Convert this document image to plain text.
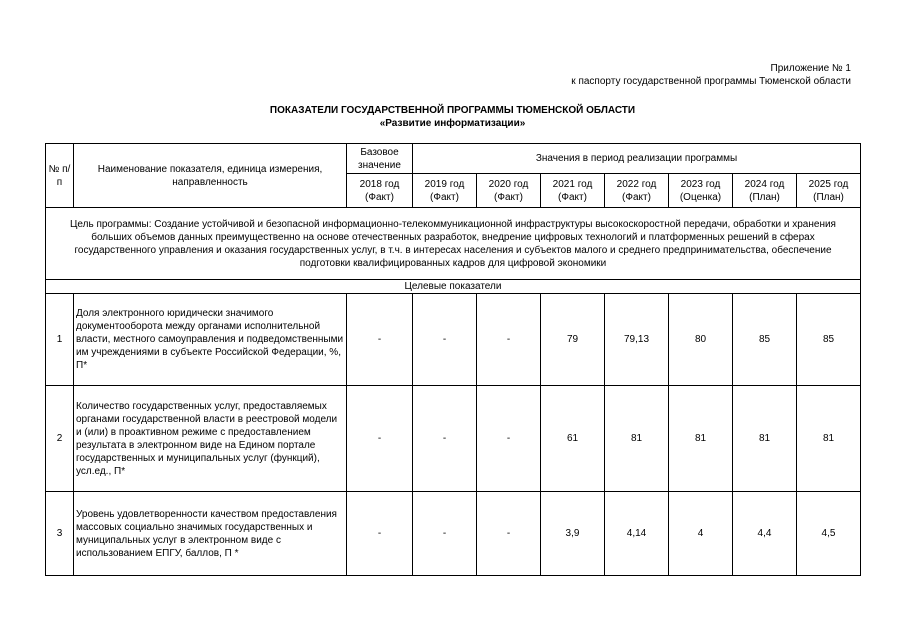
Приложение № 1
к паспорту государственной программы Тюменской области
ПОКАЗАТЕЛИ ГОСУДАРСТВЕННОЙ ПРОГРАММЫ ТЮМЕНСКОЙ ОБЛАСТИ
«Развитие информатизации»
№ п/п	Наименование показателя, единица измерения, направленность	Базовое значение	Значения в период реализации программы						
		2018 год (Факт)	2019 год (Факт)	2020 год (Факт)	2021 год (Факт)	2022 год (Факт)	2023 год (Оценка)	2024 год (План)	2025 год (План)
Цель программы: Создание устойчивой и безопасной информационно-телекоммуникационной инфраструктуры высокоскоростной передачи, обработки и хранения больших объемов данных преимущественно на основе отечественных разработок, внедрение цифровых технологий и платформенных решений в сферах государственного управления и оказания государственных услуг, в т.ч. в интересах населения и субъектов малого и среднего предпринимательства, обеспечение подготовки квалифицированных кадров для цифровой экономики									
Целевые показатели									
1	Доля электронного юридически значимого документооборота между органами исполнительной власти, местного самоуправления и подведомственными им учреждениями в субъекте Российской Федерации, %, П*	-	-	-	79	79,13	80	85	85
2	Количество государственных услуг, предоставляемых органами государственной власти в реестровой модели и (или) в проактивном режиме с предоставлением результата в электронном виде на Едином портале государственных и муниципальных услуг (функций), усл.ед., П*	-	-	-	61	81	81	81	81
3	Уровень удовлетворенности качеством предоставления массовых социально значимых государственных и муниципальных услуг в электронном виде с использованием ЕПГУ, баллов, П *	-	-	-	3,9	4,14	4	4,4	4,5
